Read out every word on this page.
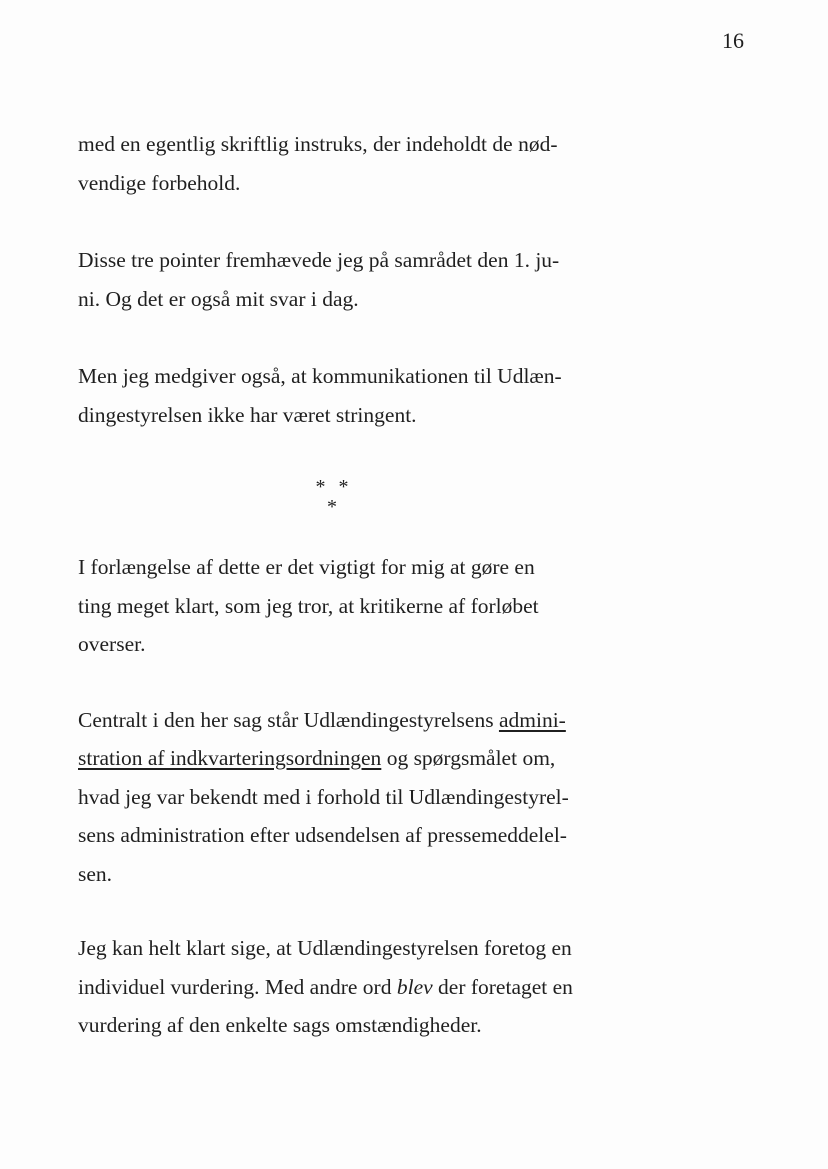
16
med en egentlig skriftlig instruks, der indeholdt de nød-
vendige forbehold.
Disse tre pointer fremhævede jeg på samrådet den 1. ju-
ni. Og det er også mit svar i dag.
Men jeg medgiver også, at kommunikationen til Udlæn-
dingestyrelsen ikke har været stringent.
* * *
I forlængelse af dette er det vigtigt for mig at gøre en
ting meget klart, som jeg tror, at kritikerne af forløbet
overser.
Centralt i den her sag står Udlændingestyrelsens admini-
stration af indkvarteringsordningen og spørgsmålet om,
hvad jeg var bekendt med i forhold til Udlændingestyrel-
sens administration efter udsendelsen af pressemeddelel-
sen.
Jeg kan helt klart sige, at Udlændingestyrelsen foretog en
individuel vurdering. Med andre ord blev der foretaget en
vurdering af den enkelte sags omstændigheder.
